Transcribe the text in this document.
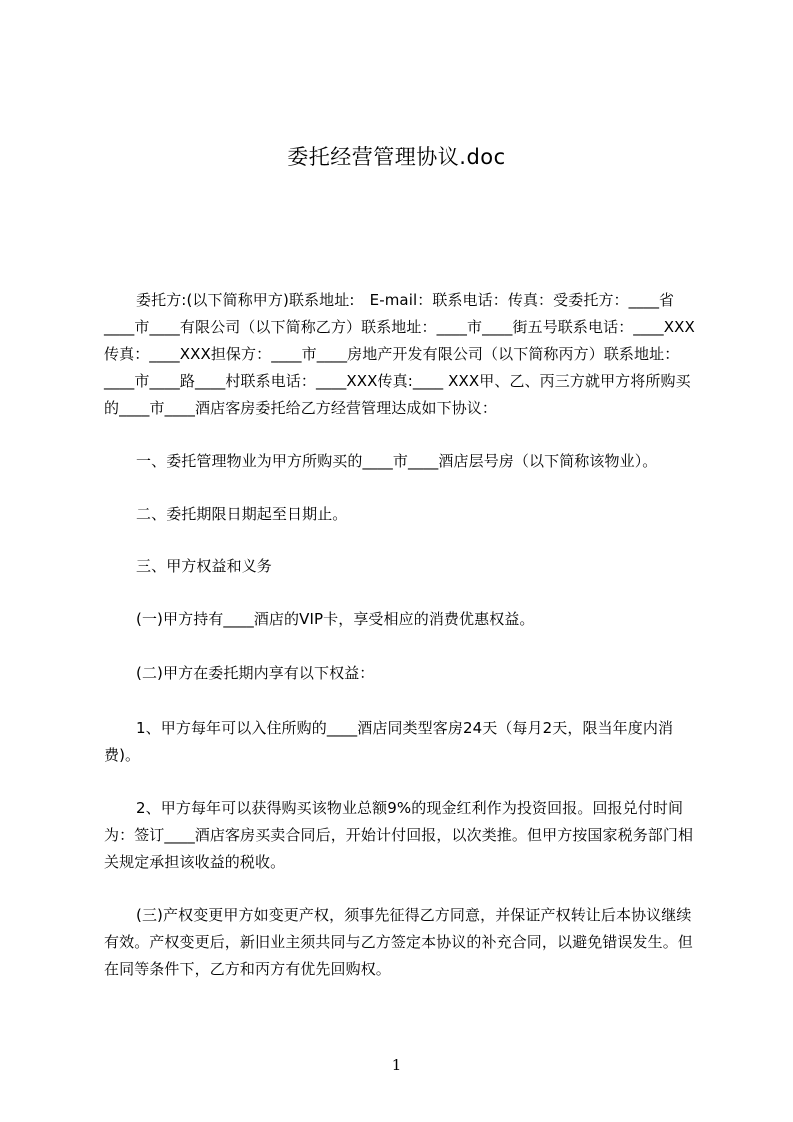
委托经营管理协议.doc

委托方:(以下简称甲方)联系地址:　E-mail：联系电话：传真：受委托方：____省____市____有限公司（以下简称乙方）联系地址：____市____街五号联系电话：____XXX传真：____XXX担保方：____市____房地产开发有限公司（以下简称丙方）联系地址：____市____路____村联系电话：____XXX传真:____ XXX甲、乙、丙三方就甲方将所购买的____市____酒店客房委托给乙方经营管理达成如下协议：

一、委托管理物业为甲方所购买的____市____酒店层号房（以下简称该物业）。

二、委托期限日期起至日期止。

三、甲方权益和义务

(一)甲方持有____酒店的VIP卡，享受相应的消费优惠权益。

(二)甲方在委托期内享有以下权益：

1、甲方每年可以入住所购的____酒店同类型客房24天（每月2天，限当年度内消费)。

2、甲方每年可以获得购买该物业总额9%的现金红利作为投资回报。回报兑付时间为：签订____酒店客房买卖合同后，开始计付回报，以次类推。但甲方按国家税务部门相关规定承担该收益的税收。

(三)产权变更甲方如变更产权，须事先征得乙方同意，并保证产权转让后本协议继续有效。产权变更后，新旧业主须共同与乙方签定本协议的补充合同，以避免错误发生。但在同等条件下，乙方和丙方有优先回购权。

1
